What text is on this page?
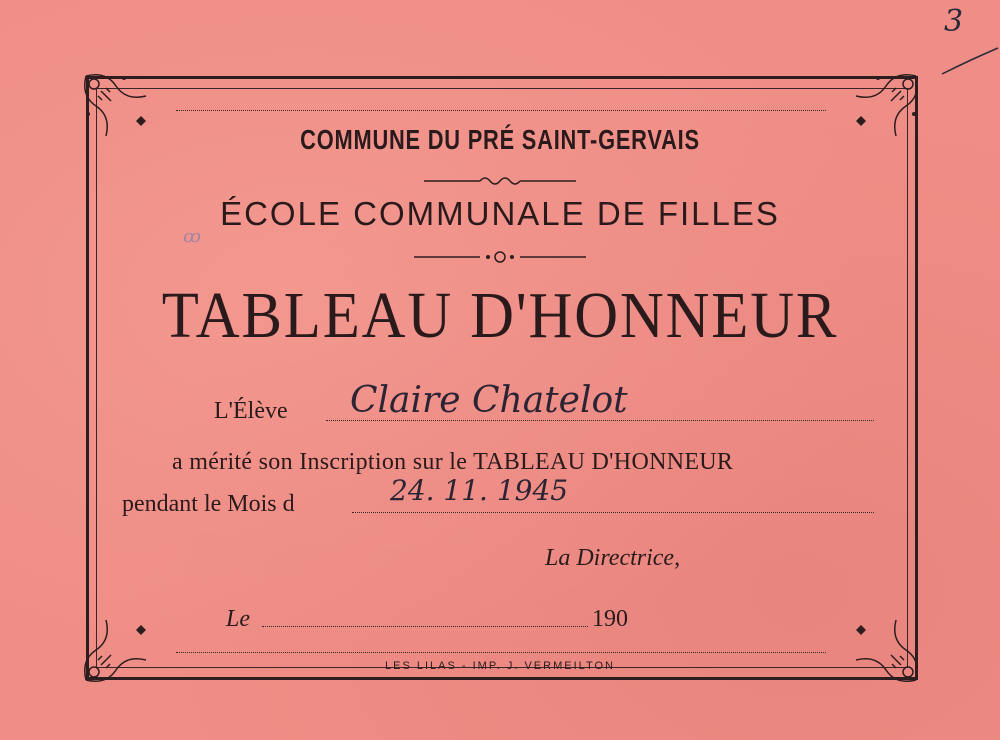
3
COMMUNE DU PRÉ SAINT-GERVAIS
ÉCOLE COMMUNALE DE FILLES
ꝏ
TABLEAU D'HONNEUR
L'Élève Claire Chatelot
a mérité son Inscription sur le TABLEAU D'HONNEUR
pendant le Mois d	24. 11. 1945
La Directrice,
Le	190
LES LILAS - IMP. J. VERMEILTON
